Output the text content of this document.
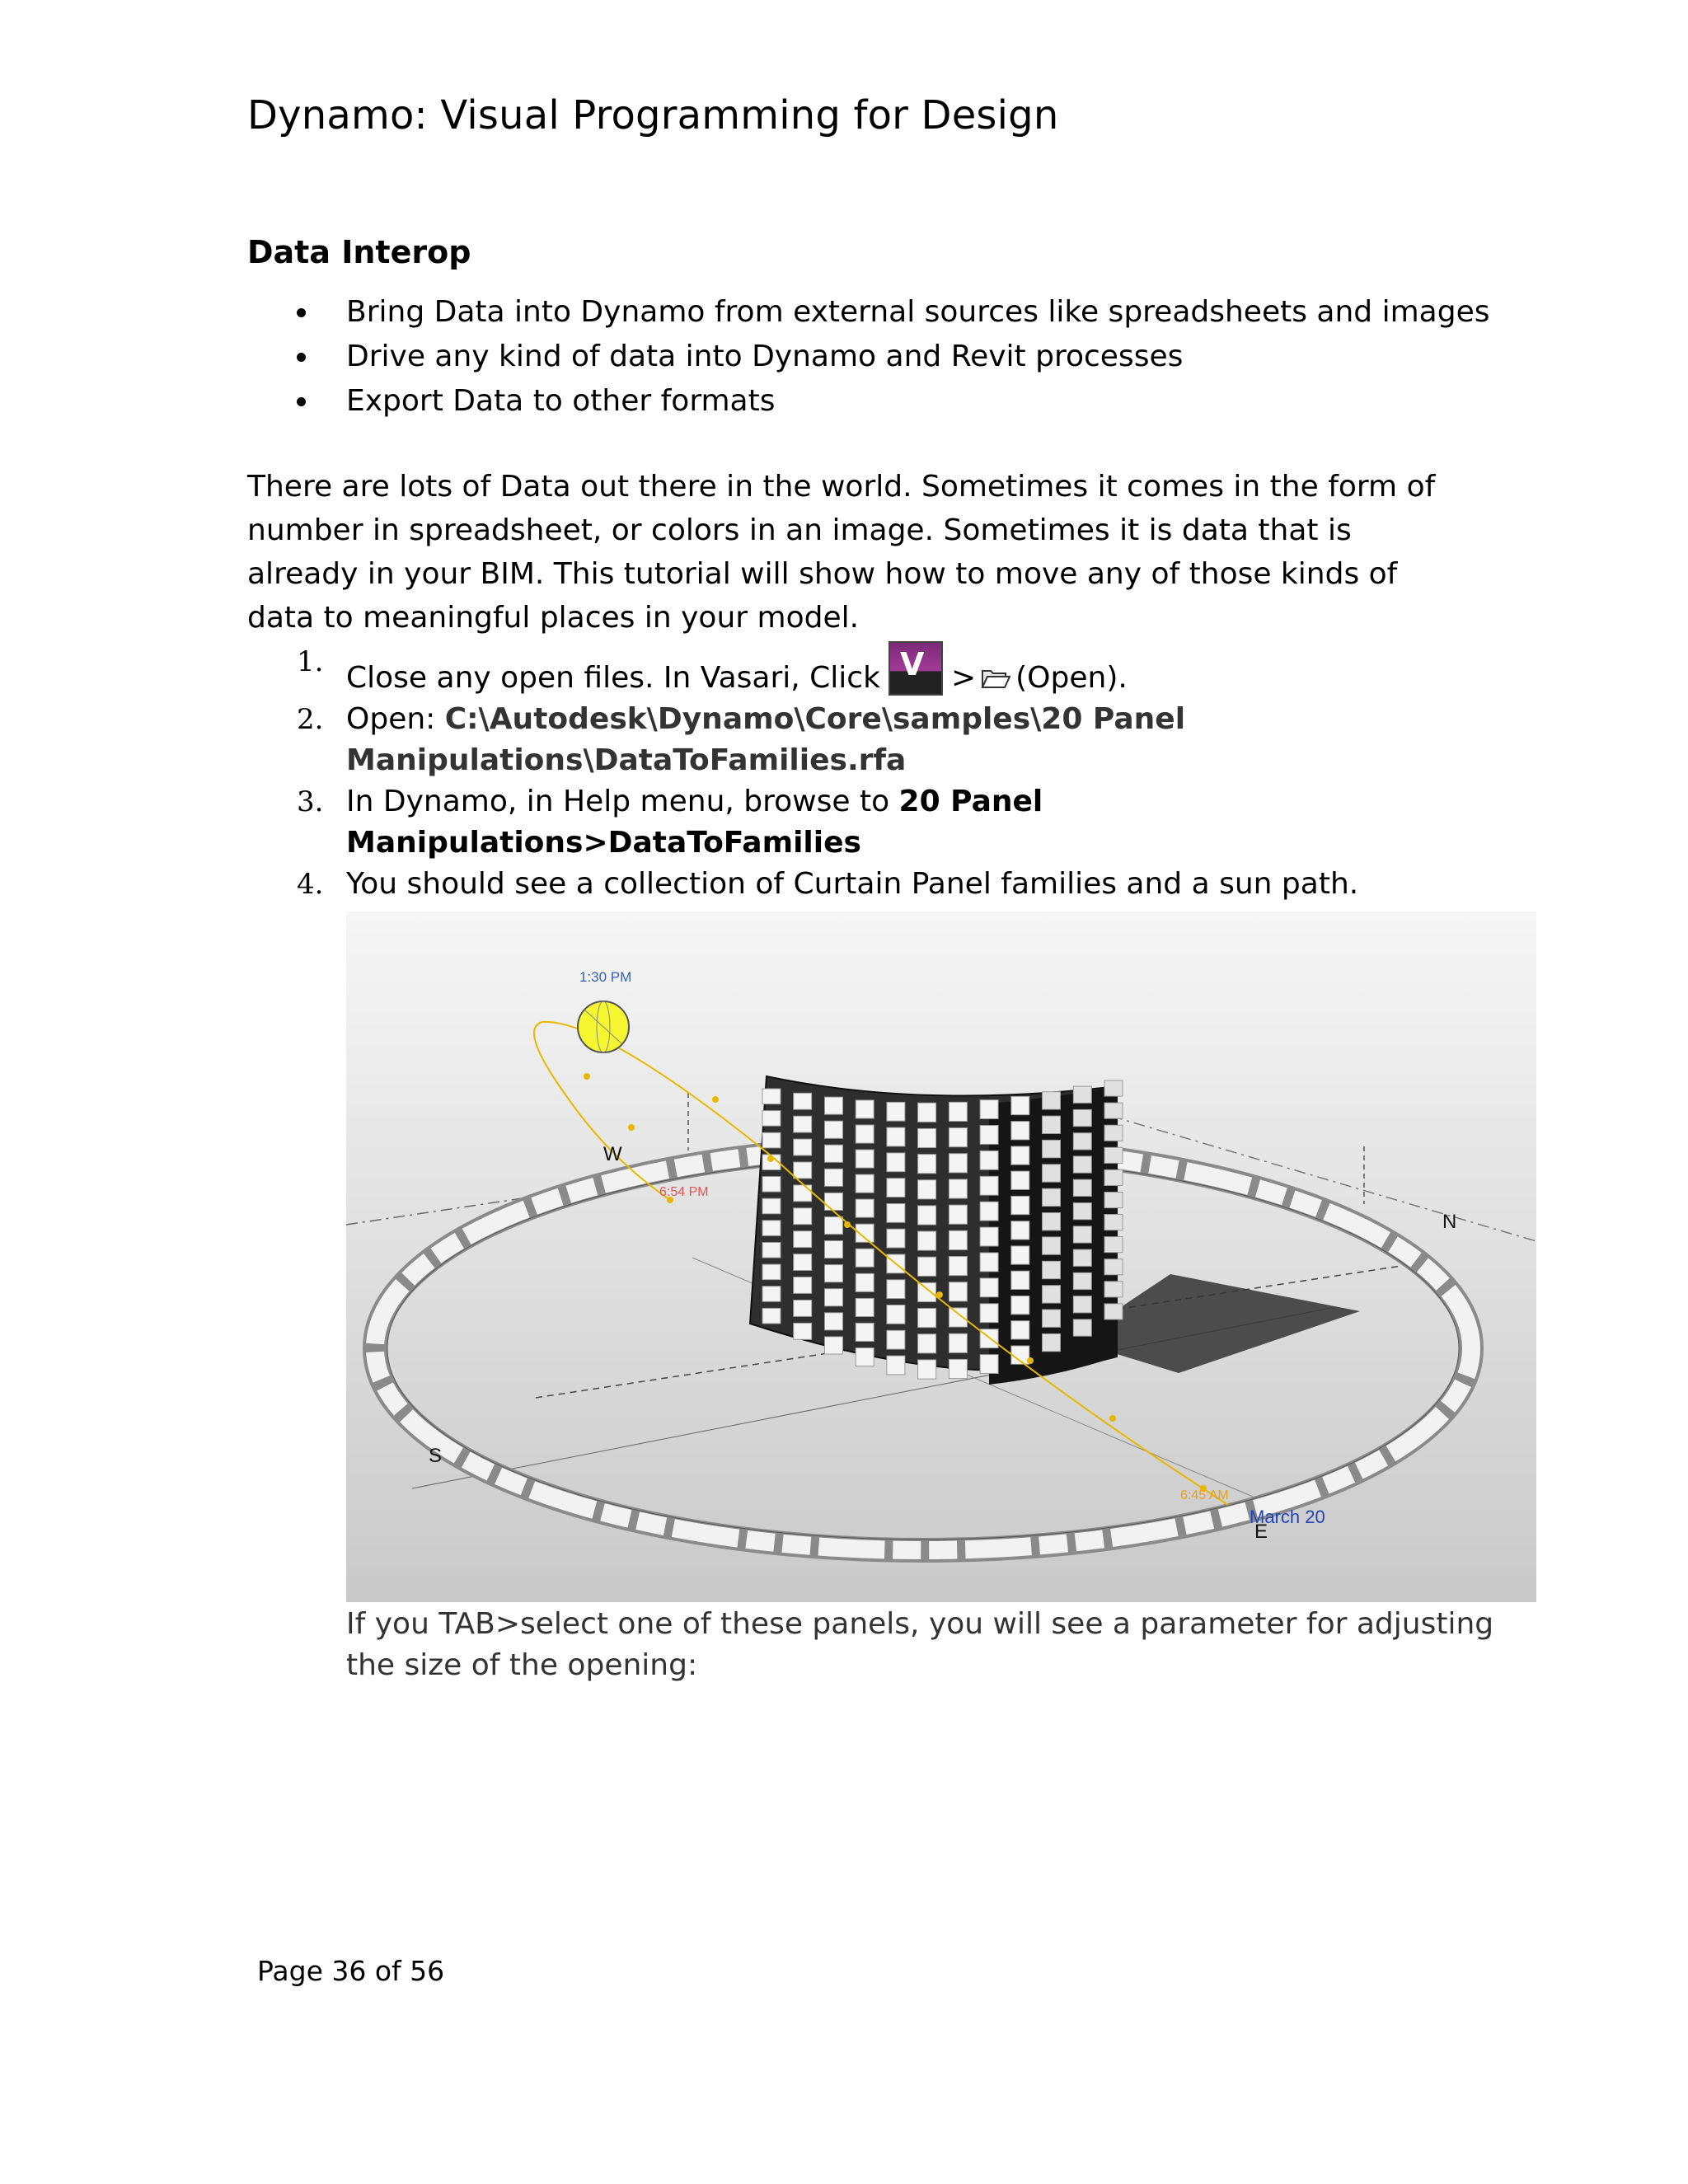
Dynamo: Visual Programming for Design
Data Interop
Bring Data into Dynamo from external sources like spreadsheets and images
Drive any kind of data into Dynamo and Revit processes
Export Data to other formats

There are lots of Data out there in the world. Sometimes it comes in the form of number in spreadsheet, or colors in an image. Sometimes it is data that is already in your BIM. This tutorial will show how to move any of those kinds of data to meaningful places in your model.

1. Close any open files. In Vasari, Click V > (Open).
2. Open: C:\Autodesk\Dynamo\Core\samples\20 Panel Manipulations\DataToFamilies.rfa
3. In Dynamo, in Help menu, browse to 20 Panel Manipulations>DataToFamilies
4. You should see a collection of Curtain Panel families and a sun path.
1:30 PM
6:54 PM
6:45 AM
March 20
W
N
S
E

If you TAB>select one of these panels, you will see a parameter for adjusting the size of the opening:

Page 36 of 56
